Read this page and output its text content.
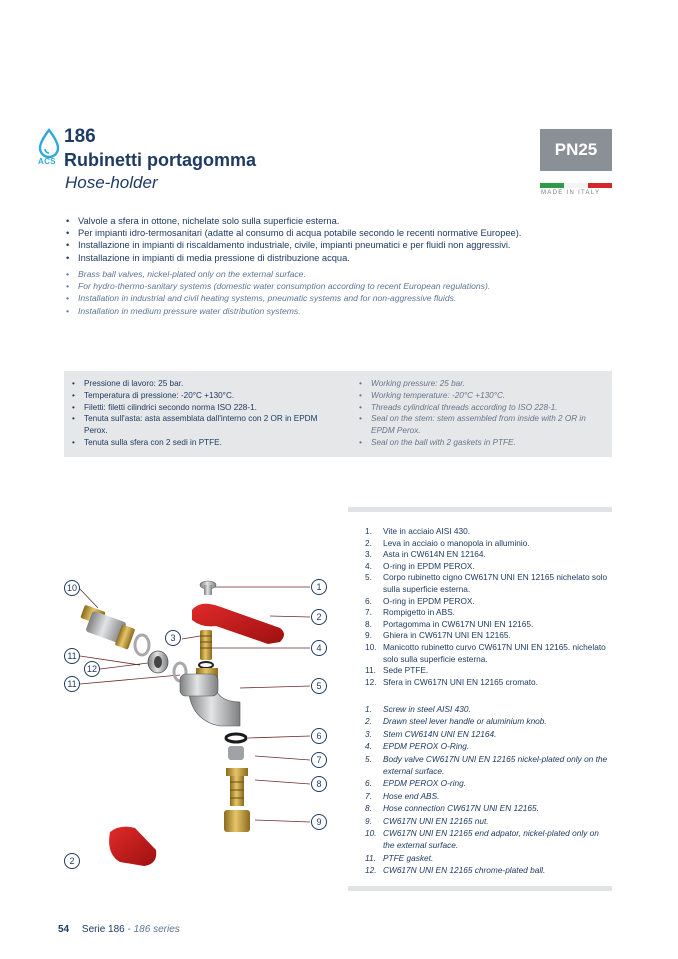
ACS
186
Rubinetti portagomma
Hose-holder
PN25
MADE IN ITALY
• Valvole a sfera in ottone, nichelate solo sulla superficie esterna.
• Per impianti idro-termosanitari (adatte al consumo di acqua potabile secondo le recenti normative Europee).
• Installazione in impianti di riscaldamento industriale, civile, impianti pneumatici e per fluidi non aggressivi.
• Installazione in impianti di media pressione di distribuzione acqua.
• Brass ball valves, nickel-plated only on the external surface.
• For hydro-thermo-sanitary systems (domestic water consumption according to recent European regulations).
• Installation in industrial and civil heating systems, pneumatic systems and for non-aggressive fluids.
• Installation in medium pressure water distribution systems.
• Pressione di lavoro: 25 bar.
• Temperatura di pressione: -20°C +130°C.
• Filetti: filetti cilindrici secondo norma ISO 228-1.
• Tenuta sull'asta: asta assemblata dall'interno con 2 OR in EPDM Perox.
• Tenuta sulla sfera con 2 sedi in PTFE.
• Working pressure: 25 bar.
• Working temperature: -20°C +130°C.
• Threads cylindrical threads according to ISO 228-1.
• Seal on the stem: stem assembled from inside with 2 OR in EPDM Perox.
• Seal on the ball with 2 gaskets in PTFE.
1. Vite in acciaio AISI 430.
2. Leva in acciaio o manopola in alluminio.
3. Asta in CW614N EN 12164.
4. O-ring in EPDM PEROX.
5. Corpo rubinetto cigno CW617N UNI EN 12165 nichelato solo sulla superficie esterna.
6. O-ring in EPDM PEROX.
7. Rompigetto in ABS.
8. Portagomma in CW617N UNI EN 12165.
9. Ghiera in CW617N UNI EN 12165.
10. Manicotto rubinetto curvo CW617N UNI EN 12165. nichelato solo sulla superficie esterna.
11. Sede PTFE.
12. Sfera in CW617N UNI EN 12165 cromato.
1. Screw in steel AISI 430.
2. Drawn steel lever handle or aluminium knob.
3. Stem CW614N UNI EN 12164.
4. EPDM PEROX O-Ring.
5. Body valve CW617N UNI EN 12165 nickel-plated only on the external surface.
6. EPDM PEROX O-ring.
7. Hose end ABS.
8. Hose connection CW617N UNI EN 12165.
9. CW617N UNI EN 12165 nut.
10. CW617N UNI EN 12165 end adpator, nickel-plated only on the external surface.
11. PTFE gasket.
12. CW617N UNI EN 12165 chrome-plated ball.
10	1
2
3
4
11
12
11	5
6
7
8
9
2
54 Serie 186 - 186 series
